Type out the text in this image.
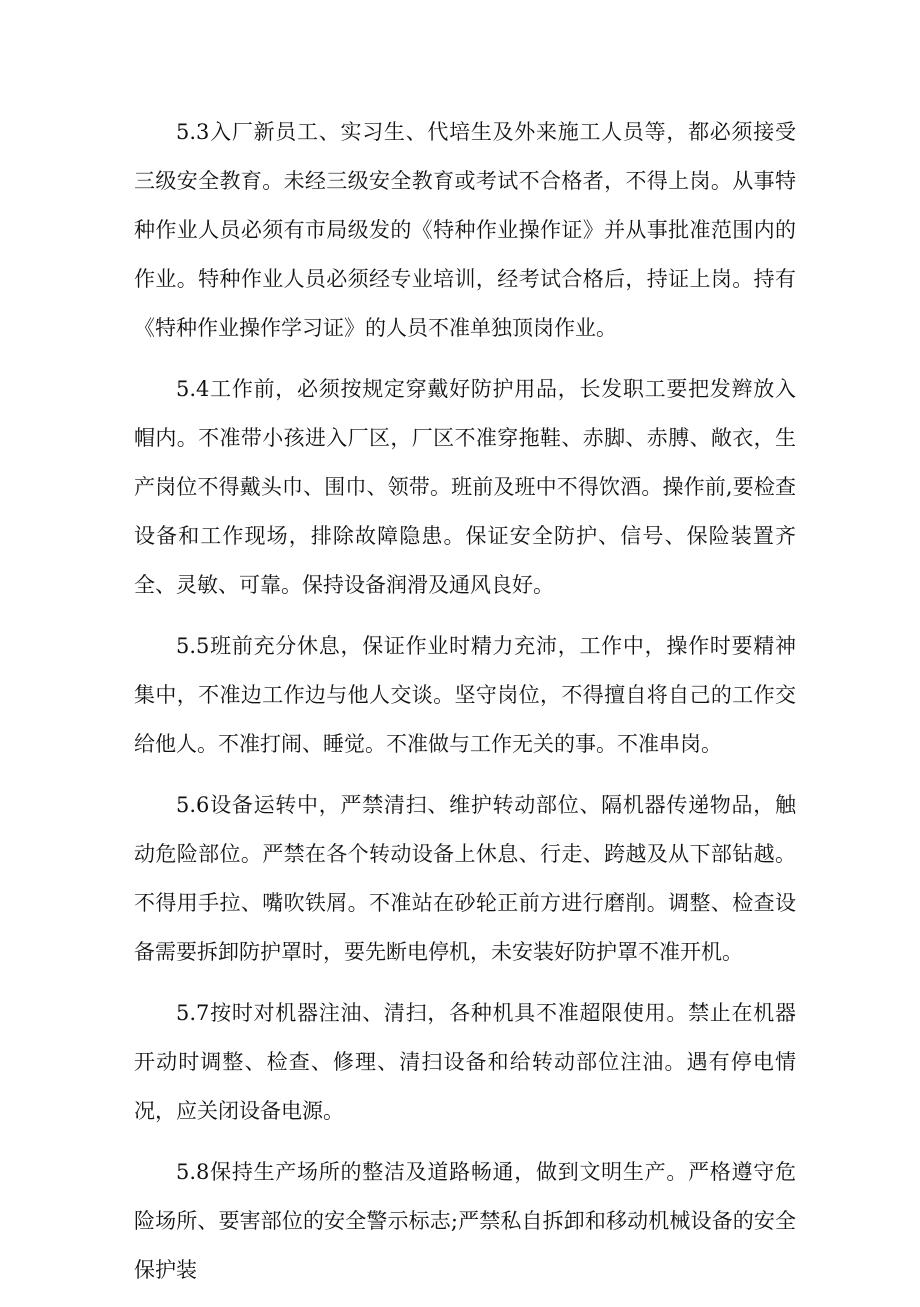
5.3入厂新员工、实习生、代培生及外来施工人员等，都必须接受三级安全教育。未经三级安全教育或考试不合格者，不得上岗。从事特种作业人员必须有市局级发的《特种作业操作证》并从事批准范围内的作业。特种作业人员必须经专业培训，经考试合格后，持证上岗。持有《特种作业操作学习证》的人员不准单独顶岗作业。

5.4工作前，必须按规定穿戴好防护用品，长发职工要把发辫放入帽内。不准带小孩进入厂区，厂区不准穿拖鞋、赤脚、赤膊、敞衣，生产岗位不得戴头巾、围巾、领带。班前及班中不得饮酒。操作前,要检查设备和工作现场，排除故障隐患。保证安全防护、信号、保险装置齐全、灵敏、可靠。保持设备润滑及通风良好。

5.5班前充分休息，保证作业时精力充沛，工作中，操作时要精神集中，不准边工作边与他人交谈。坚守岗位，不得擅自将自己的工作交给他人。不准打闹、睡觉。不准做与工作无关的事。不准串岗。

5.6设备运转中，严禁清扫、维护转动部位、隔机器传递物品，触动危险部位。严禁在各个转动设备上休息、行走、跨越及从下部钻越。不得用手拉、嘴吹铁屑。不准站在砂轮正前方进行磨削。调整、检查设备需要拆卸防护罩时，要先断电停机，未安装好防护罩不准开机。

5.7按时对机器注油、清扫，各种机具不准超限使用。禁止在机器开动时调整、检查、修理、清扫设备和给转动部位注油。遇有停电情况，应关闭设备电源。

5.8保持生产场所的整洁及道路畅通，做到文明生产。严格遵守危险场所、要害部位的安全警示标志;严禁私自拆卸和移动机械设备的安全保护装
